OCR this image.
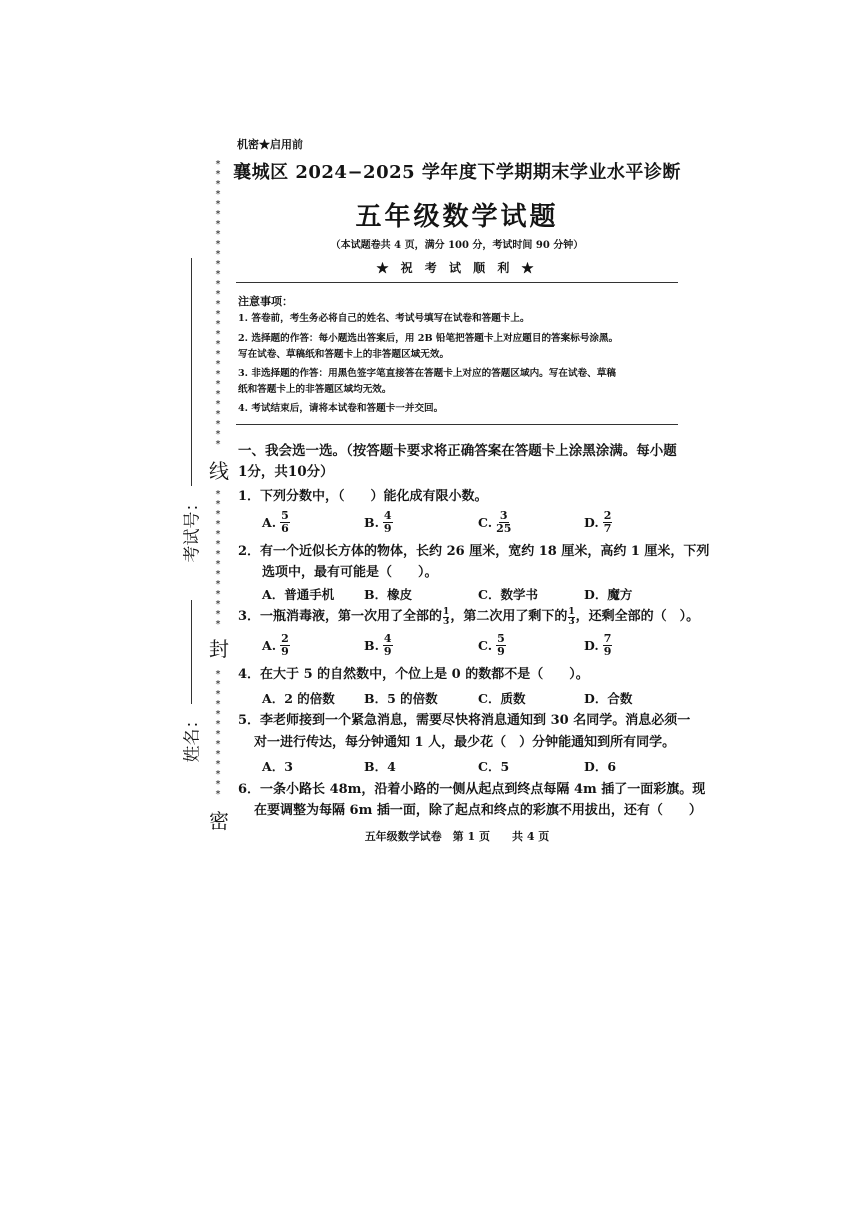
机密★启用前
襄城区 2024−2025 学年度下学期期末学业水平诊断
五年级数学试题
（本试题卷共 4 页，满分 100 分，考试时间 90 分钟）
★ 祝 考 试 顺 利 ★
注意事项：
1. 答卷前，考生务必将自己的姓名、考试号填写在试卷和答题卡上。
2. 选择题的作答：每小题选出答案后，用 2B 铅笔把答题卡上对应题目的答案标号涂黑。
写在试卷、草稿纸和答题卡上的非答题区域无效。
3. 非选择题的作答：用黑色签字笔直接答在答题卡上对应的答题区域内。写在试卷、草稿
纸和答题卡上的非答题区域均无效。
4. 考试结束后，请将本试卷和答题卡一并交回。
一、我会选一选。（按答题卡要求将正确答案在答题卡上涂黑涂满。每小题1分，共10分）
1．下列分数中，（　　）能化成有限小数。
A. $\frac{5}{6}$	B. $\frac{4}{9}$	C. $\frac{3}{25}$	D. $\frac{2}{7}$
2．有一个近似长方体的物体，长约 26 厘米，宽约 18 厘米，高约 1 厘米，下列
选项中，最有可能是（　　）。
A．普通手机 B．橡皮	C．数学书	D．魔方
3．一瓶消毒液，第一次用了全部的 1
3 ，第二次用了剩下的 1
3 ，还剩全部的（　）。
A. $\frac{2}{9}$	B. $\frac{4}{9}$	C. $\frac{5}{9}$	D. $\frac{7}{9}$
4．在大于 5 的自然数中，个位上是 0 的数都不是（　　）。
A．2 的倍数 B．5 的倍数	C．质数	D．合数
5．李老师接到一个紧急消息，需要尽快将消息通知到 30 名同学。消息必须一
对一进行传达，每分钟通知 1 人，最少花（　）分钟能通知到所有同学。
A．3	B．4	C．5	D．6
6．一条小路长 48m，沿着小路的一侧从起点到终点每隔 4m 插了一面彩旗。现
在要调整为每隔 6m 插一面，除了起点和终点的彩旗不用拔出，还有（　　）
五年级数学试卷　第 1 页　　共 4 页
线
封
密
*
*
*
*
*
*
*
*
*
*
*
*
*
*
*
*
*
*
*
*
*
*
*
*
*
*
*
*
*
*
*
*
*
*
*
*
*
*
*
*
*
*
*
*
*
*
*
*
*
*
*
*
*
*
*
*
考试号：
姓名：
